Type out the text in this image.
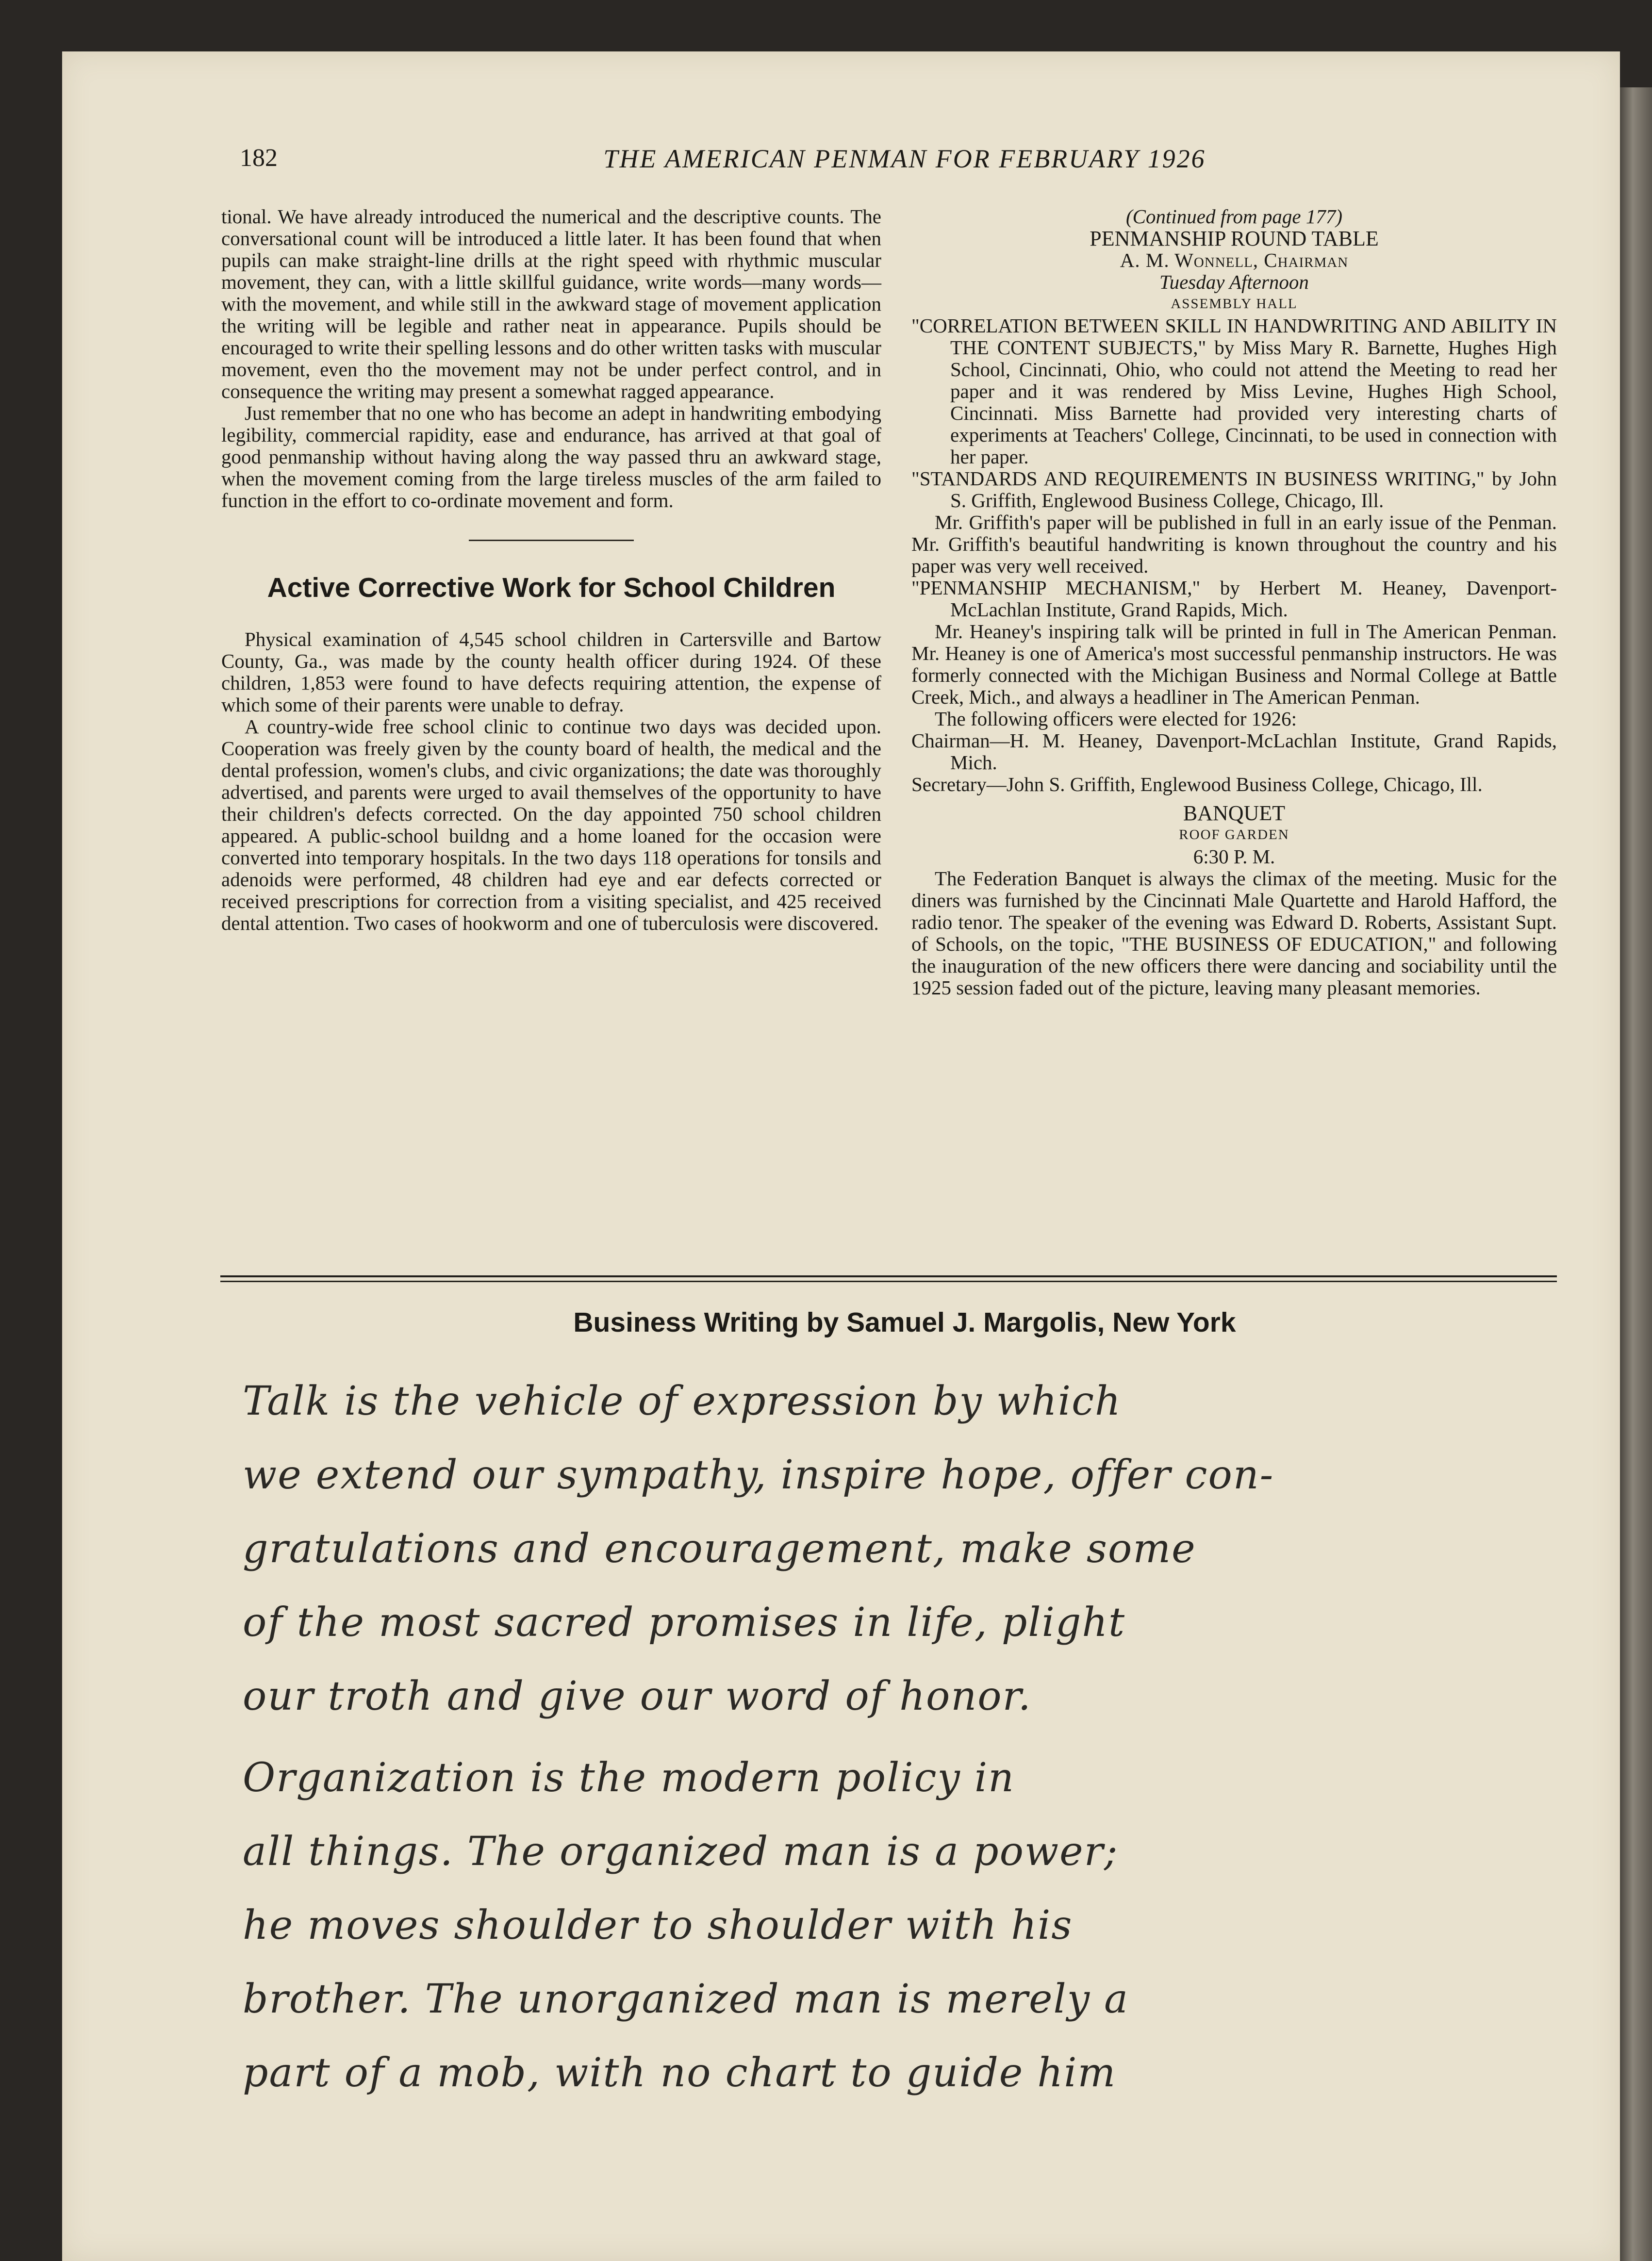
182	THE AMERICAN PENMAN FOR FEBRUARY 1926

tional. We have already introduced the numerical and the descriptive counts. The conversational count will be introduced a little later. It has been found that when pupils can make straight-line drills at the right speed with rhythmic muscular movement, they can, with a little skillful guidance, write words—many words—with the movement, and while still in the awkward stage of movement application the writing will be legible and rather neat in appearance. Pupils should be encouraged to write their spelling lessons and do other written tasks with muscular movement, even tho the movement may not be under perfect control, and in consequence the writing may present a somewhat ragged appearance.

Just remember that no one who has become an adept in handwriting embodying legibility, commercial rapidity, ease and endurance, has arrived at that goal of good penmanship without having along the way passed thru an awkward stage, when the movement coming from the large tireless muscles of the arm failed to function in the effort to co-ordinate movement and form.

Active Corrective Work for School Children

Physical examination of 4,545 school children in Cartersville and Bartow County, Ga., was made by the county health officer during 1924. Of these children, 1,853 were found to have defects requiring attention, the expense of which some of their parents were unable to defray.

A country-wide free school clinic to continue two days was decided upon. Cooperation was freely given by the county board of health, the medical and the dental profession, women's clubs, and civic organizations; the date was thoroughly advertised, and parents were urged to avail themselves of the opportunity to have their children's defects corrected. On the day appointed 750 school children appeared. A public-school buildng and a home loaned for the occasion were converted into temporary hospitals. In the two days 118 operations for tonsils and adenoids were performed, 48 children had eye and ear defects corrected or received prescriptions for correction from a visiting specialist, and 425 received dental attention. Two cases of hookworm and one of tuberculosis were discovered.

(Continued from page 177)

PENMANSHIP ROUND TABLE

A. M. Wonnell, Chairman

Tuesday Afternoon

ASSEMBLY HALL

"CORRELATION BETWEEN SKILL IN HANDWRITING AND ABILITY IN THE CONTENT SUBJECTS," by Miss Mary R. Barnette, Hughes High School, Cincinnati, Ohio, who could not attend the Meeting to read her paper and it was rendered by Miss Levine, Hughes High School, Cincinnati. Miss Barnette had provided very interesting charts of experiments at Teachers' College, Cincinnati, to be used in connection with her paper.

"STANDARDS AND REQUIREMENTS IN BUSINESS WRITING," by John S. Griffith, Englewood Business College, Chicago, Ill.

Mr. Griffith's paper will be published in full in an early issue of the Penman. Mr. Griffith's beautiful handwriting is known throughout the country and his paper was very well received.

"PENMANSHIP MECHANISM," by Herbert M. Heaney, Davenport-McLachlan Institute, Grand Rapids, Mich.

Mr. Heaney's inspiring talk will be printed in full in The American Penman. Mr. Heaney is one of America's most successful penmanship instructors. He was formerly connected with the Michigan Business and Normal College at Battle Creek, Mich., and always a headliner in The American Penman.

The following officers were elected for 1926:

Chairman—H. M. Heaney, Davenport-McLachlan Institute, Grand Rapids, Mich.

Secretary—John S. Griffith, Englewood Business College, Chicago, Ill.

BANQUET

ROOF GARDEN

6:30 P. M.

The Federation Banquet is always the climax of the meeting. Music for the diners was furnished by the Cincinnati Male Quartette and Harold Hafford, the radio tenor. The speaker of the evening was Edward D. Roberts, Assistant Supt. of Schools, on the topic, "THE BUSINESS OF EDUCATION," and following the inauguration of the new officers there were dancing and sociability until the 1925 session faded out of the picture, leaving many pleasant memories.

Business Writing by Samuel J. Margolis, New York
Talk is the vehicle of expression by which
we extend our sympathy, inspire hope, offer con-
gratulations and encouragement, make some
of the most sacred promises in life, plight
our troth and give our word of honor.
Organization is the modern policy in
all things. The organized man is a power;
he moves shoulder to shoulder with his
brother. The unorganized man is merely a
part of a mob, with no chart to guide him
